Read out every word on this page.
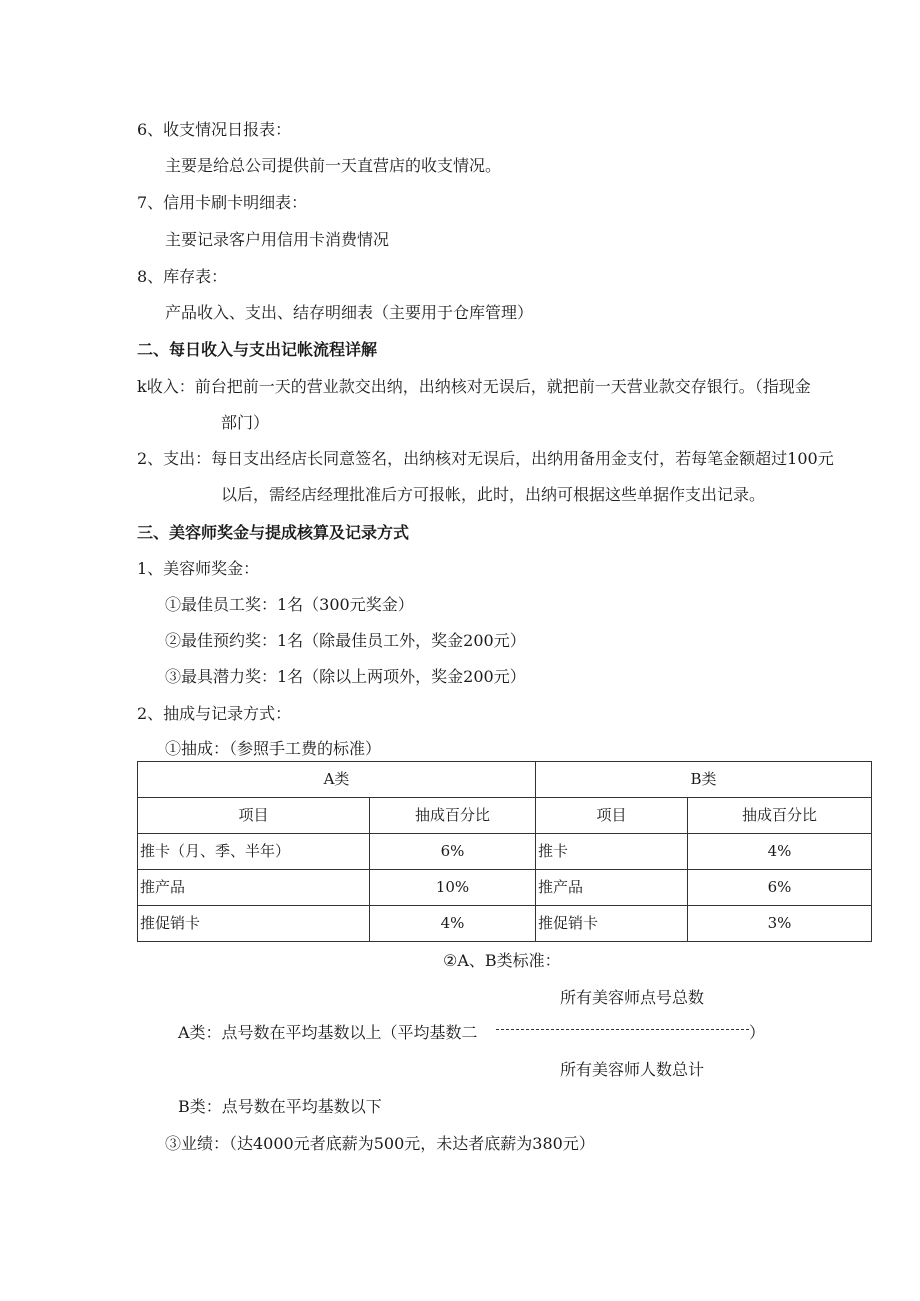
6、收支情况日报表：
主要是给总公司提供前一天直营店的收支情况。
7、信用卡刷卡明细表：
主要记录客户用信用卡消费情况
8、库存表：
产品收入、支出、结存明细表（主要用于仓库管理）
二、每日收入与支出记帐流程详解
k收入：前台把前一天的营业款交出纳，出纳核对无误后，就把前一天营业款交存银行。（指现金
部门）
2、支出：每日支出经店长同意签名，出纳核对无误后，出纳用备用金支付，若每笔金额超过100元
以后，需经店经理批准后方可报帐，此时，出纳可根据这些单据作支出记录。
三、美容师奖金与提成核算及记录方式
1、美容师奖金：
①最佳员工奖：1名（300元奖金）
②最佳预约奖：1名（除最佳员工外，奖金200元）
③最具潜力奖：1名（除以上两项外，奖金200元）
2、抽成与记录方式：
①抽成：（参照手工费的标准）
A类		B类	
项目	抽成百分比	项目	抽成百分比
推卡（月、季、半年）	6%	推卡	4%
推产品	10%	推产品	6%
推促销卡	4%	推促销卡	3%
②A、B类标准：
所有美容师点号总数
A类：点号数在平均基数以上（平均基数二	）
所有美容师人数总计
B类：点号数在平均基数以下
③业绩：（达4000元者底薪为500元，未达者底薪为380元）
